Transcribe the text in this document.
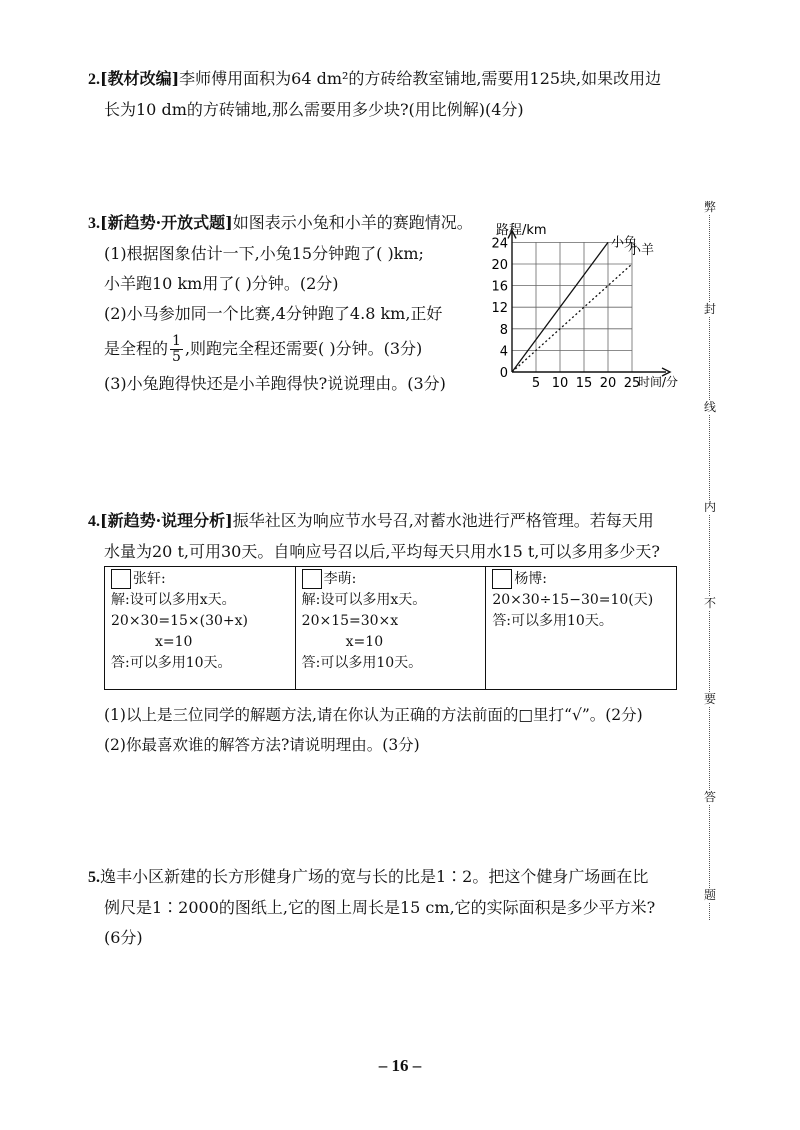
2.[教材改编]李师傅用面积为64 dm²的方砖给教室铺地,需要用125块,如果改用边
长为10 dm的方砖铺地,那么需要用多少块?(用比例解)(4分)
3.[新趋势·开放式题]如图表示小兔和小羊的赛跑情况。
(1)根据图象估计一下,小兔15分钟跑了( )km;
小羊跑10 km用了( )分钟。(2分)
(2)小马参加同一个比赛,4分钟跑了4.8 km,正好
是全程的 $\frac{1}{5}$ ,则跑完全程还需要( )分钟。(3分)
(3)小兔跑得快还是小羊跑得快?说说理由。(3分)
路程/km
时间/分
0
4
8
12
16
20
24
5 10 15 20 25
小兔
小羊
4.[新趋势·说理分析]振华社区为响应节水号召,对蓄水池进行严格管理。若每天用
水量为20 t,可用30天。自响应号召以后,平均每天只用水15 t,可以多用多少天?
张轩:
解:设可以多用x天。
20×30=15×(30+x)
x=10
答:可以多用10天。

李萌:
解:设可以多用x天。
20×15=30×x
x=10
答:可以多用10天。

杨博:
20×30÷15−30=10(天)
答:可以多用10天。
(1)以上是三位同学的解题方法,请在你认为正确的方法前面的□里打“√”。(2分)
(2)你最喜欢谁的解答方法?请说明理由。(3分)
5.逸丰小区新建的长方形健身广场的宽与长的比是1∶2。把这个健身广场画在比
例尺是1∶2000的图纸上,它的图上周长是15 cm,它的实际面积是多少平方米?
(6分)
– 16 –
弊
封
线
内
不
要
答
题
